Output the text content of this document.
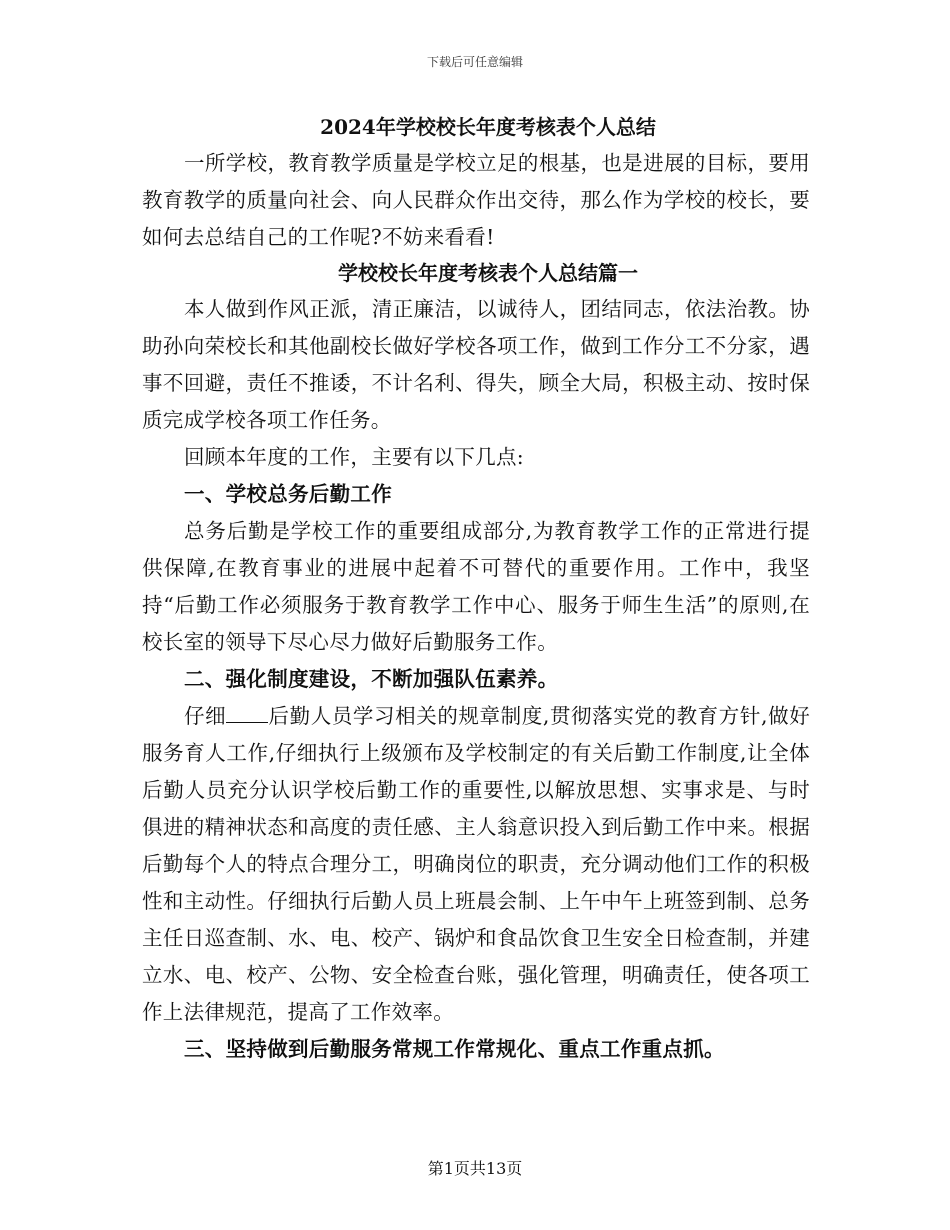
下载后可任意编辑

2024年学校校长年度考核表个人总结

一所学校，教育教学质量是学校立足的根基，也是进展的目标，要用教育教学的质量向社会、向人民群众作出交待，那么作为学校的校长，要如何去总结自己的工作呢?不妨来看看!

学校校长年度考核表个人总结篇一

本人做到作风正派，清正廉洁，以诚待人，团结同志，依法治教。协助孙向荣校长和其他副校长做好学校各项工作，做到工作分工不分家，遇事不回避，责任不推诿，不计名利、得失，顾全大局，积极主动、按时保质完成学校各项工作任务。

回顾本年度的工作，主要有以下几点:

一、学校总务后勤工作

总务后勤是学校工作的重要组成部分,为教育教学工作的正常进行提供保障,在教育事业的进展中起着不可替代的重要作用。工作中，我坚持“后勤工作必须服务于教育教学工作中心、服务于师生生活”的原则,在校长室的领导下尽心尽力做好后勤服务工作。

二、强化制度建设，不断加强队伍素养。

仔细 后勤人员学习相关的规章制度,贯彻落实党的教育方针,做好服务育人工作,仔细执行上级颁布及学校制定的有关后勤工作制度,让全体后勤人员充分认识学校后勤工作的重要性,以解放思想、实事求是、与时俱进的精神状态和高度的责任感、主人翁意识投入到后勤工作中来。根据后勤每个人的特点合理分工，明确岗位的职责，充分调动他们工作的积极性和主动性。仔细执行后勤人员上班晨会制、上午中午上班签到制、总务主任日巡查制、水、电、校产、锅炉和食品饮食卫生安全日检查制，并建立水、电、校产、公物、安全检查台账，强化管理，明确责任，使各项工作上法律规范，提高了工作效率。

三、坚持做到后勤服务常规工作常规化、重点工作重点抓。

第1页共13页
